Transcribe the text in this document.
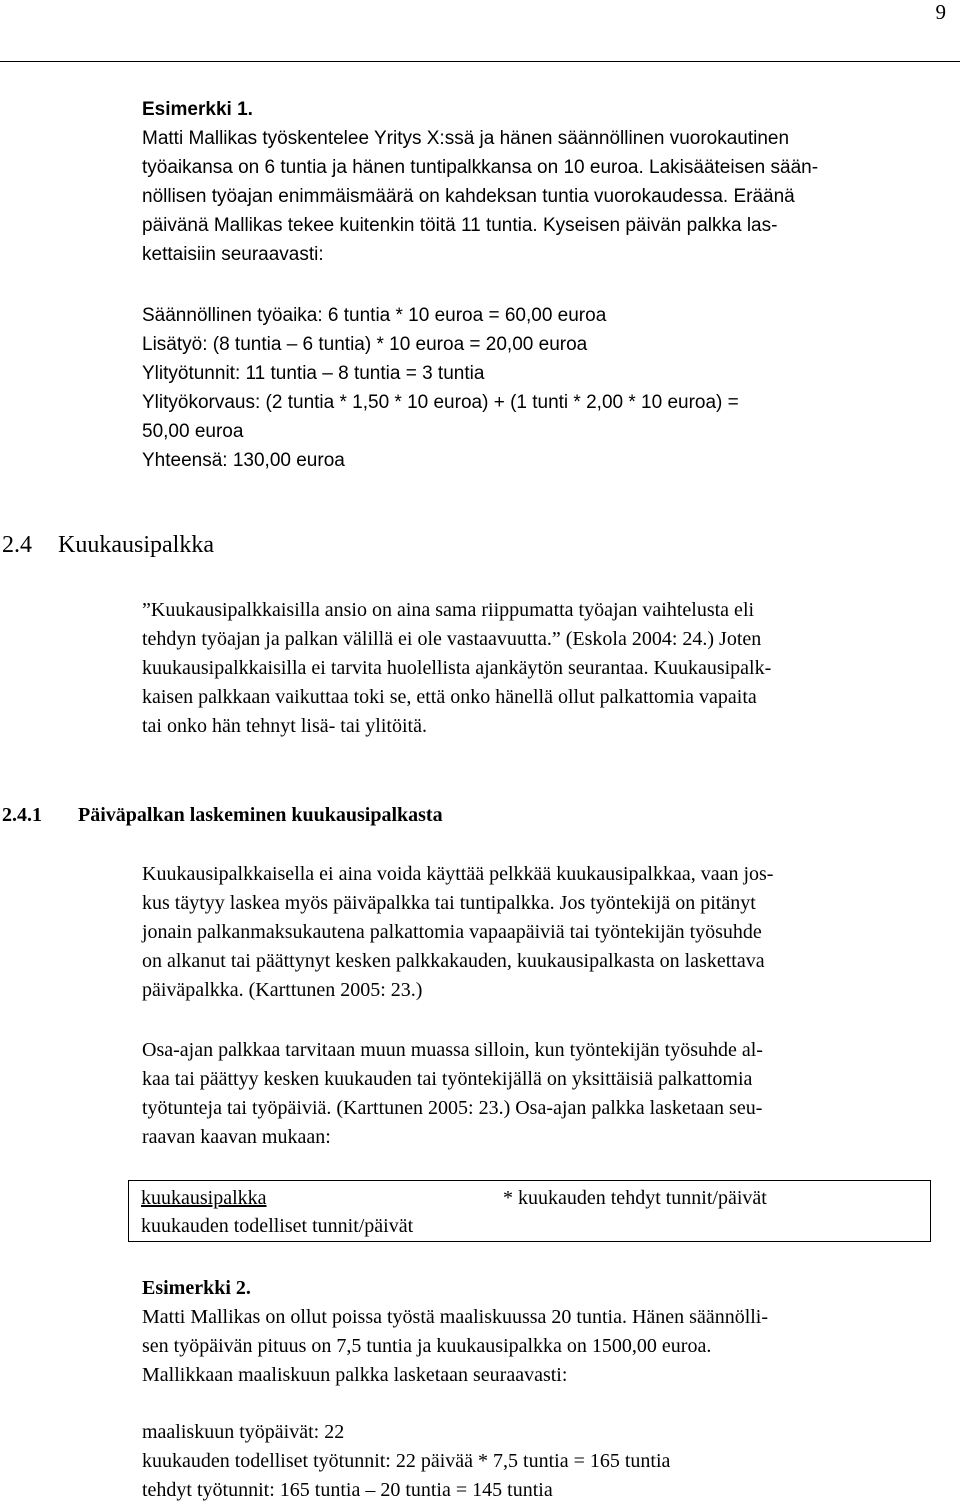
9
Esimerkki 1.
Matti Mallikas työskentelee Yritys X:ssä ja hänen säännöllinen vuorokautinen
työaikansa on 6 tuntia ja hänen tuntipalkkansa on 10 euroa. Lakisääteisen sään-
nöllisen työajan enimmäismäärä on kahdeksan tuntia vuorokaudessa. Eräänä
päivänä Mallikas tekee kuitenkin töitä 11 tuntia. Kyseisen päivän palkka las-
kettaisiin seuraavasti:
Säännöllinen työaika: 6 tuntia * 10 euroa = 60,00 euroa
Lisätyö: (8 tuntia – 6 tuntia) * 10 euroa = 20,00 euroa
Ylityötunnit: 11 tuntia – 8 tuntia = 3 tuntia
Ylityökorvaus: (2 tuntia * 1,50 * 10 euroa) + (1 tunti * 2,00 * 10 euroa) =
50,00 euroa
Yhteensä: 130,00 euroa
2.4 Kuukausipalkka
”Kuukausipalkkaisilla ansio on aina sama riippumatta työajan vaihtelusta eli
tehdyn työajan ja palkan välillä ei ole vastaavuutta.” (Eskola 2004: 24.) Joten
kuukausipalkkaisilla ei tarvita huolellista ajankäytön seurantaa. Kuukausipalk-
kaisen palkkaan vaikuttaa toki se, että onko hänellä ollut palkattomia vapaita
tai onko hän tehnyt lisä- tai ylitöitä.
2.4.1 Päiväpalkan laskeminen kuukausipalkasta
Kuukausipalkkaisella ei aina voida käyttää pelkkää kuukausipalkkaa, vaan jos-
kus täytyy laskea myös päiväpalkka tai tuntipalkka. Jos työntekijä on pitänyt
jonain palkanmaksukautena palkattomia vapaapäiviä tai työntekijän työsuhde
on alkanut tai päättynyt kesken palkkakauden, kuukausipalkasta on laskettava
päiväpalkka. (Karttunen 2005: 23.)
Osa-ajan palkkaa tarvitaan muun muassa silloin, kun työntekijän työsuhde al-
kaa tai päättyy kesken kuukauden tai työntekijällä on yksittäisiä palkattomia
työtunteja tai työpäiviä. (Karttunen 2005: 23.) Osa-ajan palkka lasketaan seu-
raavan kaavan mukaan:
kuukausipalkka	* kuukauden tehdyt tunnit/päivät
kuukauden todelliset tunnit/päivät
Esimerkki 2.
Matti Mallikas on ollut poissa työstä maaliskuussa 20 tuntia. Hänen säännölli-
sen työpäivän pituus on 7,5 tuntia ja kuukausipalkka on 1500,00 euroa.
Mallikkaan maaliskuun palkka lasketaan seuraavasti:
maaliskuun työpäivät: 22
kuukauden todelliset työtunnit: 22 päivää * 7,5 tuntia = 165 tuntia
tehdyt työtunnit: 165 tuntia – 20 tuntia = 145 tuntia
